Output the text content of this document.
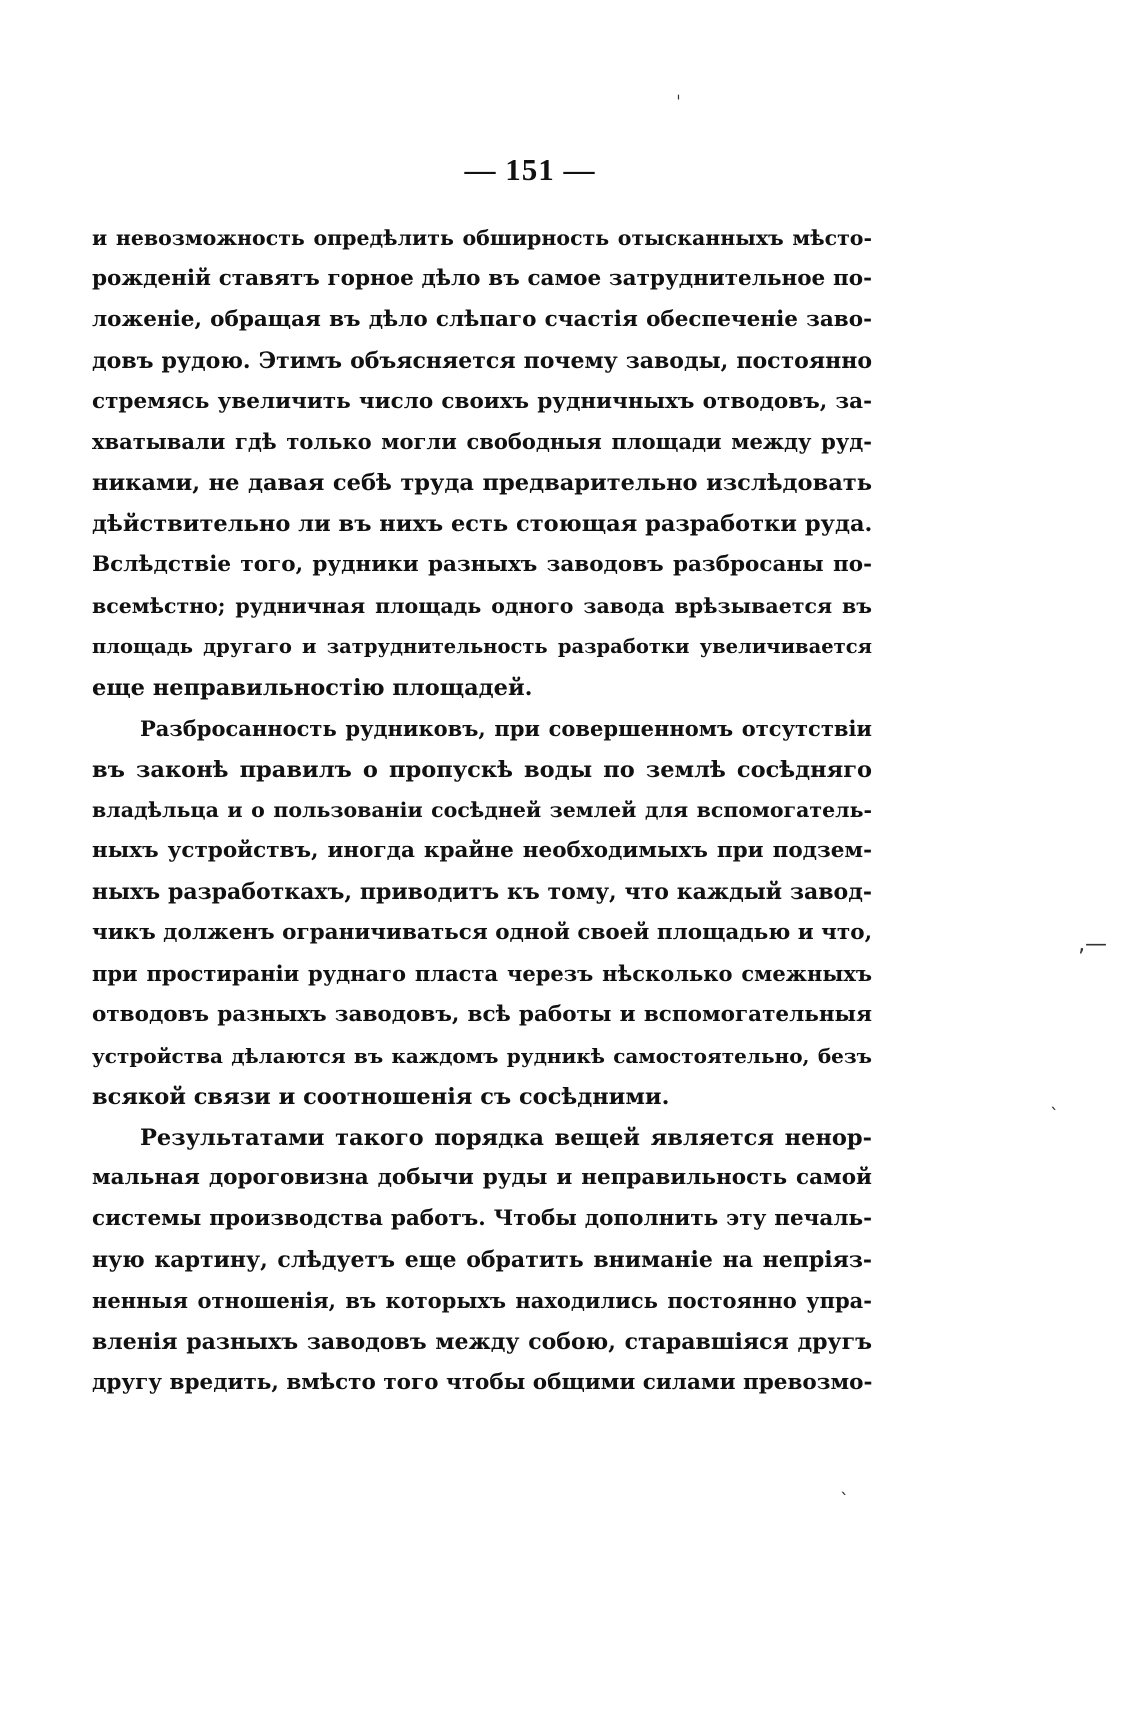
— 151 —
и невозможность опредѣлить обширность отысканныхъ мѣсто-
рожденій ставятъ горное дѣло въ самое затруднительное по-
ложеніе, обращая въ дѣло слѣпаго счастія обеспеченіе заво-
довъ рудою. Этимъ объясняется почему заводы, постоянно
стремясь увеличить число своихъ рудничныхъ отводовъ, за-
хватывали гдѣ только могли свободныя площади между руд-
никами, не давая себѣ труда предварительно изслѣдовать
дѣйствительно ли въ нихъ есть стоющая разработки руда.
Вслѣдствіе того, рудники разныхъ заводовъ разбросаны по-
всемѣстно; рудничная площадь одного завода врѣзывается въ
площадь другаго и затруднительность разработки увеличивается
еще неправильностію площадей.
Разбросанность рудниковъ, при совершенномъ отсутствіи
въ законѣ правилъ о пропускѣ воды по землѣ сосѣдняго
владѣльца и о пользованіи сосѣдней землей для вспомогатель-
ныхъ устройствъ, иногда крайне необходимыхъ при подзем-
ныхъ разработкахъ, приводитъ къ тому, что каждый завод-
чикъ долженъ ограничиваться одной своей площадью и что,
при простираніи руднаго пласта черезъ нѣсколько смежныхъ
отводовъ разныхъ заводовъ, всѣ работы и вспомогательныя
устройства дѣлаются въ каждомъ рудникѣ самостоятельно, безъ
всякой связи и соотношенія съ сосѣдними.
Результатами такого порядка вещей является ненор-
мальная дороговизна добычи руды и неправильность самой
системы производства работъ. Чтобы дополнить эту печаль-
ную картину, слѣдуетъ еще обратить вниманіе на непріяз-
ненныя отношенія, въ которыхъ находились постоянно упра-
вленія разныхъ заводовъ между собою, старавшіяся другъ
другу вредить, вмѣсто того чтобы общими силами превозмо-
ˈ
‚—
ˎ
ˋ
